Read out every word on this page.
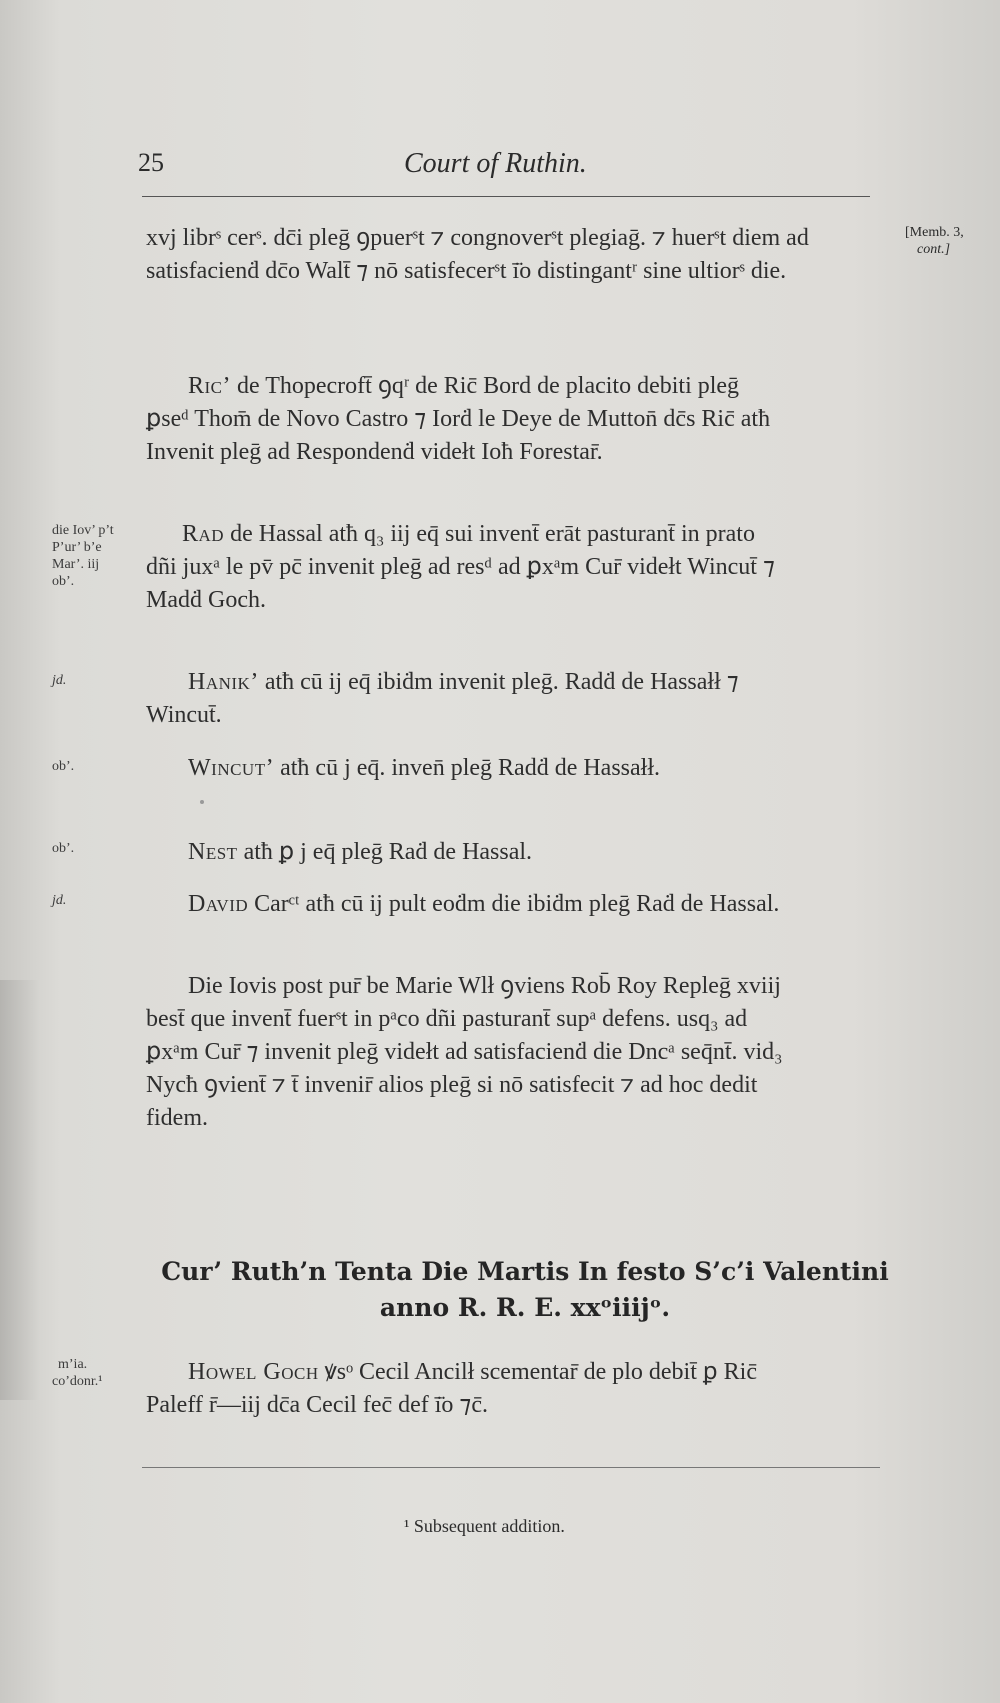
25	Court of Ruthin.
[Memb. 3,
cont.]
xvj librˢ cerˢ. dc̄i pleḡ ꝯpuerˢt ⁊ congnoverˢt plegiaḡ. ⁊ huerˢt diem ad
satisfacienḋ dc̄o Walt̄ ⁊ nō satisfecerˢt ī̈o distingantʳ sine ultiorˢ die.
Ric’ de Thopecroft̄ ꝯqʳ de Ric̄ Bord de placito debiti pleḡ
ꝑseᵈ Thom̄ de Novo Castro ⁊ Iorḋ le Deye de Mutton̄ dc̄s Ric̄ atħ
Invenit pleḡ ad Respondenḋ videłt Ioħ Forestar̄.
die Iov’ p’t
P’ur’ b’e
Mar’. iij
ob’.
Rad de Hassal atħ q₃ iij eq̄ sui invent̄ erāt pasturant̄ in prato
dñi juxᵃ le pv̄ pc̄ invenit pleḡ ad resᵈ ad ꝑxᵃm Cur̄ videłt Wincut̄ ⁊
Madḋ Goch.
jd.	Hanik’ atħ cū ij eq̄ ibiḋm invenit pleḡ. Radḋ de Hassałł ⁊
Wincut̄.
ob’.	Wincut’ atħ cū j eq̄. inven̄ pleḡ Radḋ de Hassałł.
ob’.	Nest atħ ꝑ j eq̄ pleḡ Raḋ de Hassal.
jd.	David Carᶜᵗ atħ cū ij pult eoḋm die ibiḋm pleḡ Raḋ de Hassal.
Die Iovis post pur̄ be Marie Wlł ꝯviens Rob̄ Roy Repleḡ xviij
best̄ que invent̄ fuerˢt in pᵃco dñi pasturant̄ supᵃ defens. usq₃ ad
ꝑxᵃm Cur̄ ⁊ invenit pleḡ videłt ad satisfacienḋ die Dncᵃ seq̄nt̄. vid₃
Nycħ ꝯvient̄ ⁊ t̄ invenir̄ alios pleḡ si nō satisfecit ⁊ ad hoc dedit
fidem.
Cur’ Ruth’n Tenta Die Martis In festo S’c’i Valentini
anno R. R. E. xxᵒiiijᵒ.
m’ia.
co’donr.¹	Howel Goch ꝟsᵒ Cecil Ancilł scementar̄ de plo debit̄ ꝑ Ric̄
Paleff r̄—iij dc̄a Cecil fec̄ def ī̈o ⁊c̄.
¹ Subsequent addition.
